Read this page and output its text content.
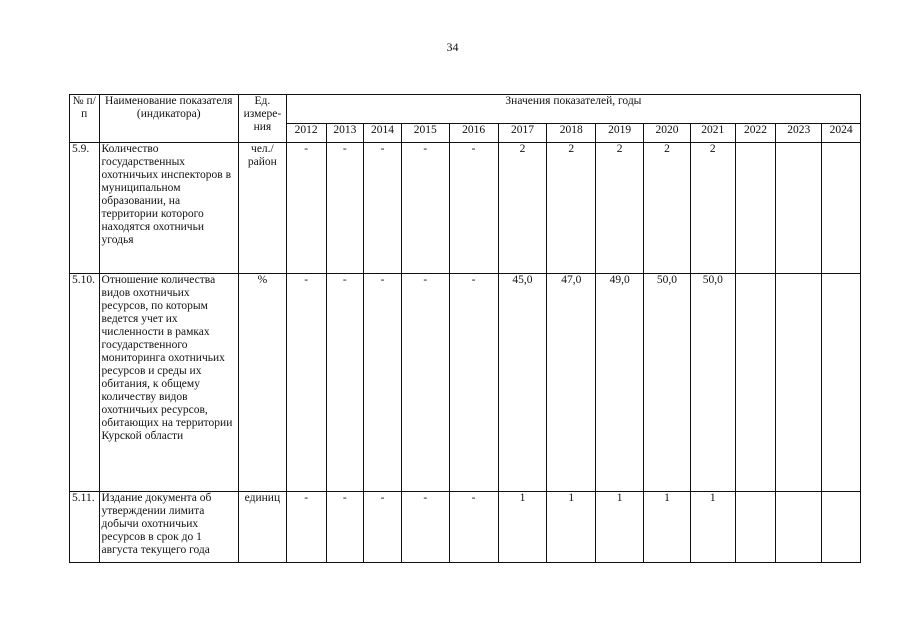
34
№ п/п	Наименование показателя (индикатора)	Ед. измере-ния	Значения показателей, годы												
			2012	2013	2014	2015	2016	2017	2018	2019	2020	2021	2022	2023	2024
5.9.	Количество государственных охотничьих инспекторов в муниципальном образовании, на территории которого находятся охотничьи угодья	чел./ район	-	-	-	-	-	2	2	2	2	2			
5.10.	Отношение количества видов охотничьих ресурсов, по которым ведется учет их численности в рамках государственного мониторинга охотничьих ресурсов и среды их обитания, к общему количеству видов охотничьих ресурсов, обитающих на территории Курской области	%	-	-	-	-	-	45,0	47,0	49,0	50,0	50,0			
5.11.	Издание документа об утверждении лимита добычи охотничьих ресурсов в срок до 1 августа текущего года	единиц	-	-	-	-	-	1	1	1	1	1			
